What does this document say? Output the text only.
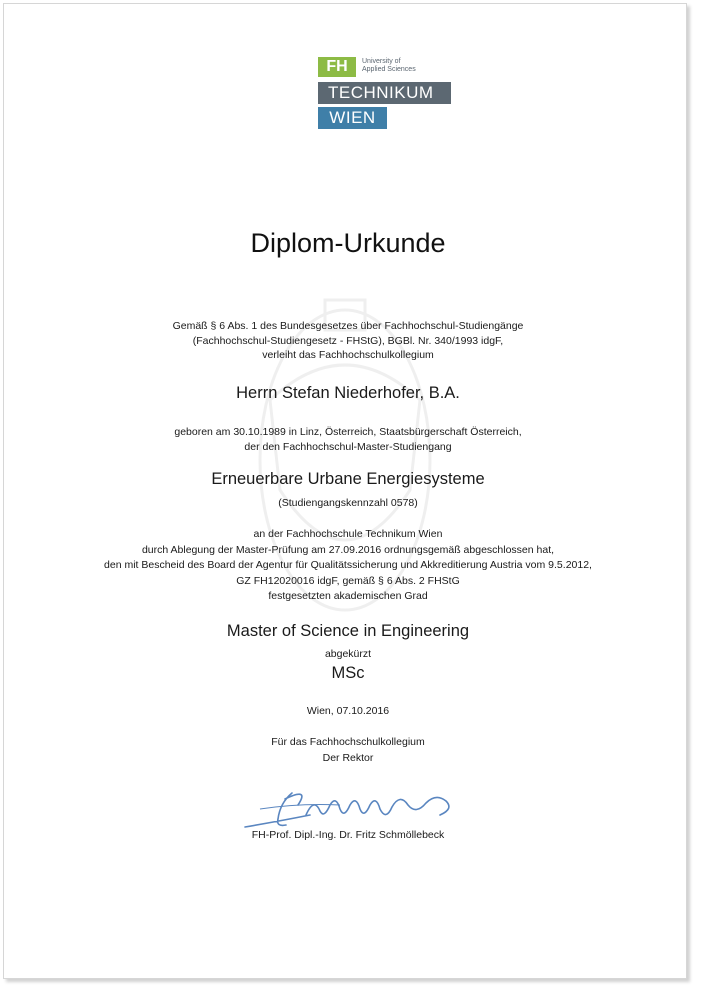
FH	University of
Applied Sciences
TECHNIKUM
WIEN
Diplom-Urkunde
Gemäß § 6 Abs. 1 des Bundesgesetzes über Fachhochschul-Studiengänge
(Fachhochschul-Studiengesetz - FHStG), BGBl. Nr. 340/1993 idgF,
verleiht das Fachhochschulkollegium
Herrn Stefan Niederhofer, B.A.
geboren am 30.10.1989 in Linz, Österreich, Staatsbürgerschaft Österreich,
der den Fachhochschul-Master-Studiengang
Erneuerbare Urbane Energiesysteme
(Studiengangskennzahl 0578)
an der Fachhochschule Technikum Wien
durch Ablegung der Master-Prüfung am 27.09.2016 ordnungsgemäß abgeschlossen hat,
den mit Bescheid des Board der Agentur für Qualitätssicherung und Akkreditierung Austria vom 9.5.2012,
GZ FH12020016 idgF, gemäß § 6 Abs. 2 FHStG
festgesetzten akademischen Grad
Master of Science in Engineering
abgekürzt
MSc
Wien, 07.10.2016
Für das Fachhochschulkollegium
Der Rektor
FH-Prof. Dipl.-Ing. Dr. Fritz Schmöllebeck
